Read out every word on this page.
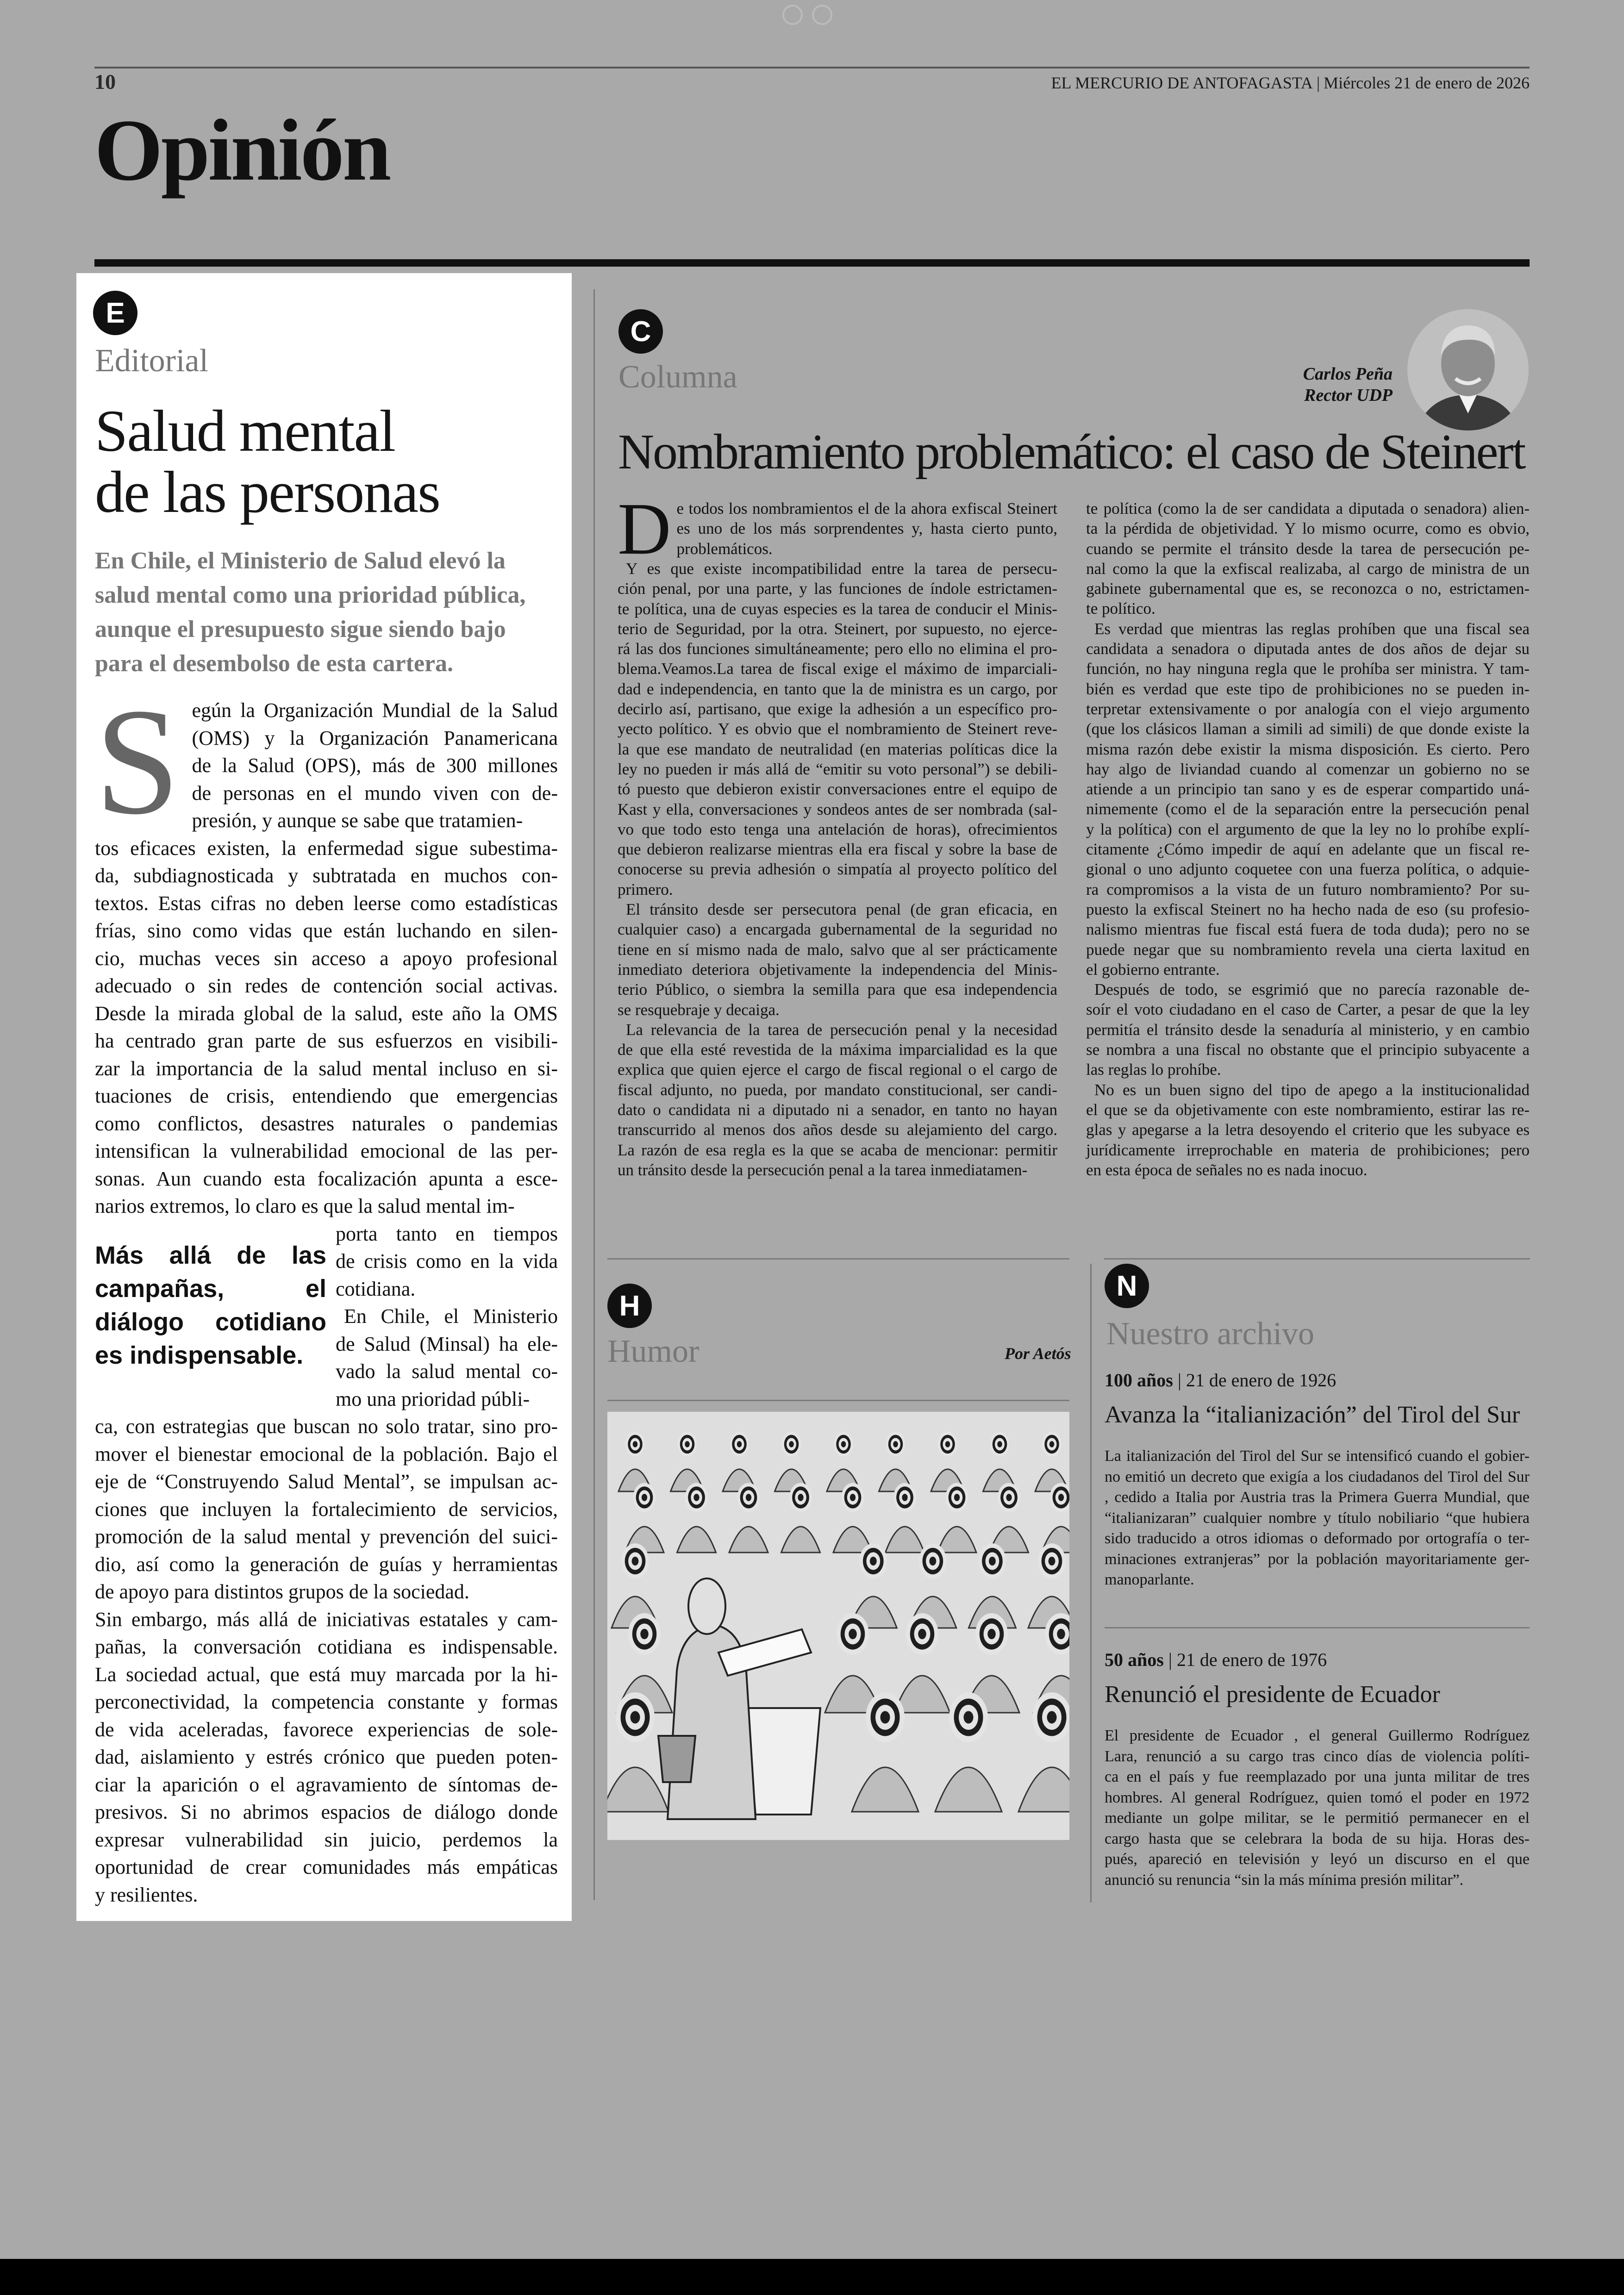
10	EL MERCURIO DE ANTOFAGASTA | Miércoles 21 de enero de 2026
Opinión
E
Editorial
Salud mental
de las personas
En Chile, el Ministerio de Salud elevó la salud mental como una prioridad pública, aunque el presupuesto sigue siendo bajo para el desembolso de esta cartera.
S egún la Organización Mundial de la Salud
(OMS) y la Organización Panamericana
de la Salud (OPS), más de 300 millones
de personas en el mundo viven con de-
presión, y aunque se sabe que tratamien-
tos eficaces existen, la enfermedad sigue subestima-
da, subdiagnosticada y subtratada en muchos con-
textos. Estas cifras no deben leerse como estadísticas
frías, sino como vidas que están luchando en silen-
cio, muchas veces sin acceso a apoyo profesional
adecuado o sin redes de contención social activas.
Desde la mirada global de la salud, este año la OMS
ha centrado gran parte de sus esfuerzos en visibili-
zar la importancia de la salud mental incluso en si-
tuaciones de crisis, entendiendo que emergencias
como conflictos, desastres naturales o pandemias
intensifican la vulnerabilidad emocional de las per-
sonas. Aun cuando esta focalización apunta a esce-
narios extremos, lo claro es que la salud mental im-
Más allá de las campañas, el diálogo cotidiano es indispensable.
porta tanto en tiempos
de crisis como en la vida
cotidiana.
En Chile, el Ministerio
de Salud (Minsal) ha ele-
vado la salud mental co-
mo una prioridad públi-
ca, con estrategias que buscan no solo tratar, sino pro-
mover el bienestar emocional de la población. Bajo el
eje de “Construyendo Salud Mental”, se impulsan ac-
ciones que incluyen la fortalecimiento de servicios,
promoción de la salud mental y prevención del suici-
dio, así como la generación de guías y herramientas
de apoyo para distintos grupos de la sociedad.
Sin embargo, más allá de iniciativas estatales y cam-
pañas, la conversación cotidiana es indispensable.
La sociedad actual, que está muy marcada por la hi-
perconectividad, la competencia constante y formas
de vida aceleradas, favorece experiencias de sole-
dad, aislamiento y estrés crónico que pueden poten-
ciar la aparición o el agravamiento de síntomas de-
presivos. Si no abrimos espacios de diálogo donde
expresar vulnerabilidad sin juicio, perdemos la
oportunidad de crear comunidades más empáticas
y resilientes.
C
Columna	Carlos Peña
Rector UDP
Nombramiento problemático: el caso de Steinert
D e todos los nombramientos el de la ahora exfiscal Steinert
es uno de los más sorprendentes y, hasta cierto punto,
problemáticos.
Y es que existe incompatibilidad entre la tarea de persecu-
ción penal, por una parte, y las funciones de índole estrictamen-
te política, una de cuyas especies es la tarea de conducir el Minis-
terio de Seguridad, por la otra. Steinert, por supuesto, no ejerce-
rá las dos funciones simultáneamente; pero ello no elimina el pro-
blema.Veamos.La tarea de fiscal exige el máximo de imparciali-
dad e independencia, en tanto que la de ministra es un cargo, por
decirlo así, partisano, que exige la adhesión a un específico pro-
yecto político. Y es obvio que el nombramiento de Steinert reve-
la que ese mandato de neutralidad (en materias políticas dice la
ley no pueden ir más allá de “emitir su voto personal”) se debili-
tó puesto que debieron existir conversaciones entre el equipo de
Kast y ella, conversaciones y sondeos antes de ser nombrada (sal-
vo que todo esto tenga una antelación de horas), ofrecimientos
que debieron realizarse mientras ella era fiscal y sobre la base de
conocerse su previa adhesión o simpatía al proyecto político del
primero.
El tránsito desde ser persecutora penal (de gran eficacia, en
cualquier caso) a encargada gubernamental de la seguridad no
tiene en sí mismo nada de malo, salvo que al ser prácticamente
inmediato deteriora objetivamente la independencia del Minis-
terio Público, o siembra la semilla para que esa independencia
se resquebraje y decaiga.
La relevancia de la tarea de persecución penal y la necesidad
de que ella esté revestida de la máxima imparcialidad es la que
explica que quien ejerce el cargo de fiscal regional o el cargo de
fiscal adjunto, no pueda, por mandato constitucional, ser candi-
dato o candidata ni a diputado ni a senador, en tanto no hayan
transcurrido al menos dos años desde su alejamiento del cargo.
La razón de esa regla es la que se acaba de mencionar: permitir
un tránsito desde la persecución penal a la tarea inmediatamen-
te política (como la de ser candidata a diputada o senadora) alien-
ta la pérdida de objetividad. Y lo mismo ocurre, como es obvio,
cuando se permite el tránsito desde la tarea de persecución pe-
nal como la que la exfiscal realizaba, al cargo de ministra de un
gabinete gubernamental que es, se reconozca o no, estrictamen-
te político.
Es verdad que mientras las reglas prohíben que una fiscal sea
candidata a senadora o diputada antes de dos años de dejar su
función, no hay ninguna regla que le prohíba ser ministra. Y tam-
bién es verdad que este tipo de prohibiciones no se pueden in-
terpretar extensivamente o por analogía con el viejo argumento
(que los clásicos llaman a simili ad simili) de que donde existe la
misma razón debe existir la misma disposición. Es cierto. Pero
hay algo de liviandad cuando al comenzar un gobierno no se
atiende a un principio tan sano y es de esperar compartido uná-
nimemente (como el de la separación entre la persecución penal
y la política) con el argumento de que la ley no lo prohíbe explí-
citamente ¿Cómo impedir de aquí en adelante que un fiscal re-
gional o uno adjunto coquetee con una fuerza política, o adquie-
ra compromisos a la vista de un futuro nombramiento? Por su-
puesto la exfiscal Steinert no ha hecho nada de eso (su profesio-
nalismo mientras fue fiscal está fuera de toda duda); pero no se
puede negar que su nombramiento revela una cierta laxitud en
el gobierno entrante.
Después de todo, se esgrimió que no parecía razonable de-
soír el voto ciudadano en el caso de Carter, a pesar de que la ley
permitía el tránsito desde la senaduría al ministerio, y en cambio
se nombra a una fiscal no obstante que el principio subyacente a
las reglas lo prohíbe.
No es un buen signo del tipo de apego a la institucionalidad
el que se da objetivamente con este nombramiento, estirar las re-
glas y apegarse a la letra desoyendo el criterio que les subyace es
jurídicamente irreprochable en materia de prohibiciones; pero
en esta época de señales no es nada inocuo.
H
Humor	Por Aetós
N
Nuestro archivo
100 años | 21 de enero de 1926
Avanza la “italianización” del Tirol del Sur
La italianización del Tirol del Sur se intensificó cuando el gobier-
no emitió un decreto que exigía a los ciudadanos del Tirol del Sur
, cedido a Italia por Austria tras la Primera Guerra Mundial, que
“italianizaran” cualquier nombre y título nobiliario “que hubiera
sido traducido a otros idiomas o deformado por ortografía o ter-
minaciones extranjeras” por la población mayoritariamente ger-
manoparlante.
50 años | 21 de enero de 1976
Renunció el presidente de Ecuador
El presidente de Ecuador , el general Guillermo Rodríguez
Lara, renunció a su cargo tras cinco días de violencia políti-
ca en el país y fue reemplazado por una junta militar de tres
hombres. Al general Rodríguez, quien tomó el poder en 1972
mediante un golpe militar, se le permitió permanecer en el
cargo hasta que se celebrara la boda de su hija. Horas des-
pués, apareció en televisión y leyó un discurso en el que
anunció su renuncia “sin la más mínima presión militar”.
